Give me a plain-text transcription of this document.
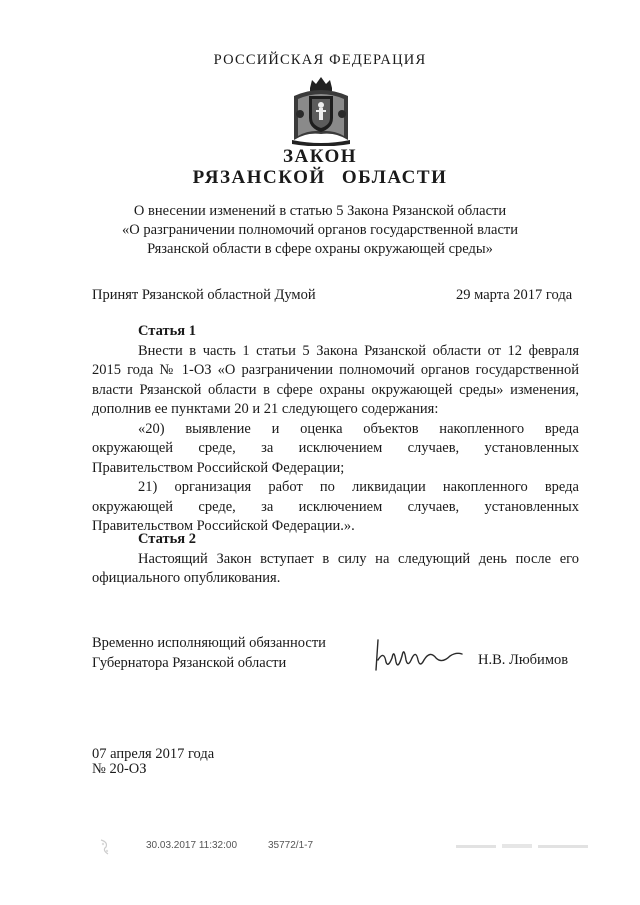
РОССИЙСКАЯ ФЕДЕРАЦИЯ
ЗАКОН
РЯЗАНСКОЙ ОБЛАСТИ
О внесении изменений в статью 5 Закона Рязанской области
«О разграничении полномочий органов государственной власти
Рязанской области в сфере охраны окружающей среды»
Принят Рязанской областной Думой	29 марта 2017 года

Статья 1

Внести в часть 1 статьи 5 Закона Рязанской области от 12 февраля

2015 года № 1-ОЗ «О разграничении полномочий органов государственной

власти Рязанской области в сфере охраны окружающей среды» изменения,

дополнив ее пунктами 20 и 21 следующего содержания:

«20) выявление и оценка объектов накопленного вреда

окружающей среде, за исключением случаев, установленных

Правительством Российской Федерации;

21) организация работ по ликвидации накопленного вреда

окружающей среде, за исключением случаев, установленных

Правительством Российской Федерации.».

Статья 2

Настоящий Закон вступает в силу на следующий день после его

официального опубликования.

Временно исполняющий обязанности
Губернатора Рязанской области	Н.В. Любимов
07 апреля 2017 года
№ 20-ОЗ
30.03.2017 11:32:00	35772/1-7
